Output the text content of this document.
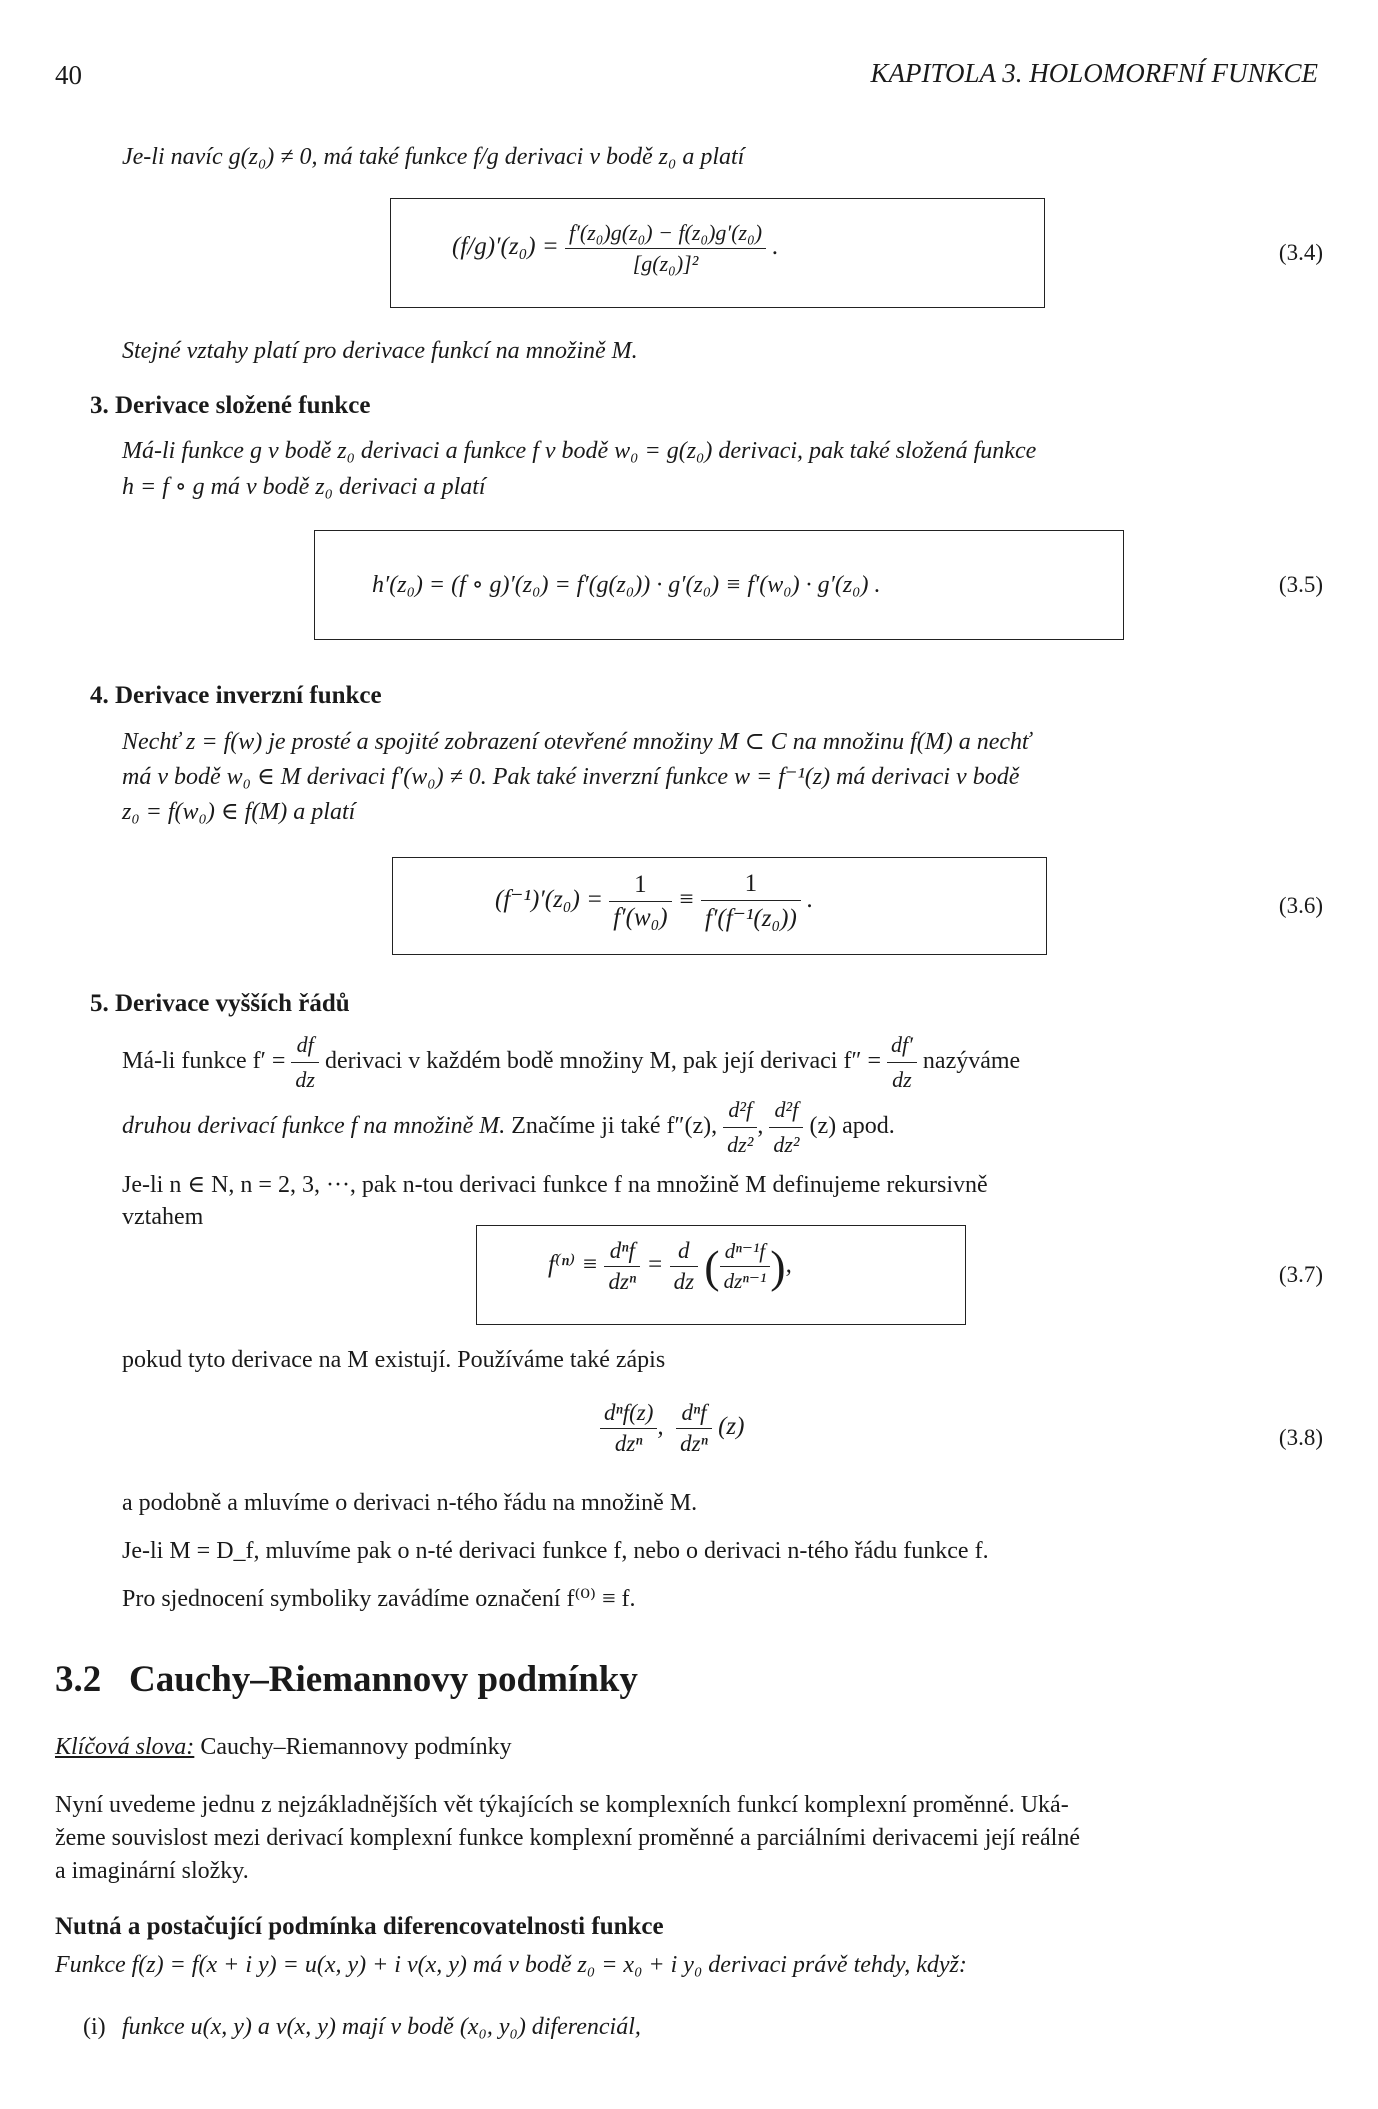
40	KAPITOLA 3. HOLOMORFNÍ FUNKCE
Je-li navíc g(z₀) ≠ 0, má také funkce f/g derivaci v bodě z₀ a platí
$(f/g)'(z_0) = \frac{\text{f′(z₀)g(z₀) − f(z₀)g′(z₀)}}{\text{[g(z₀)]²}}$ .	(3.4)
Stejné vztahy platí pro derivace funkcí na množině M.
3. Derivace složené funkce
Má-li funkce g v bodě z₀ derivaci a funkce f v bodě w₀ = g(z₀) derivaci, pak také složená funkce
h = f ∘ g má v bodě z₀ derivaci a platí
h′(z₀) = (f ∘ g)′(z₀) = f′(g(z₀)) · g′(z₀) ≡ f′(w₀) · g′(z₀) .	(3.5)
4. Derivace inverzní funkce
Nechť z = f(w) je prosté a spojité zobrazení otevřené množiny M ⊂ C na množinu f(M) a nechť
má v bodě w₀ ∈ M derivaci f′(w₀) ≠ 0. Pak také inverzní funkce w = f⁻¹(z) má derivaci v bodě
z₀ = f(w₀) ∈ f(M) a platí
$(f^{-1})'(z_0) = \frac{1}{\text{f′(w₀)}} \equiv \frac{1}{\text{f′(f⁻¹(z₀))}}$ .	(3.6)
5. Derivace vyšších řádů
Má-li funkce $f' = \frac{df}{dz}$ derivaci v každém bodě množiny M, pak její derivaci $f'' = \frac{df'}{dz}$ nazýváme
druhou derivací funkce f na množině M. Značíme ji také f″(z), $\frac{\text{d²f}}{\text{dz²}}$ , $\frac{\text{d²f}}{\text{dz²}} (z)$ apod.
Je-li n ∈ N, n = 2, 3, ···, pak n-tou derivaci funkce f na množině M definujeme rekursivně
vztahem
$f^{(n)} \equiv \frac{\text{dⁿf}}{\text{dzⁿ}} = \frac{d}{dz}$ ( $\frac{\text{dⁿ⁻¹f}}{\text{dzⁿ⁻¹}}$ ),	(3.7)
pokud tyto derivace na M existují. Používáme také zápis
$\frac{\text{dⁿf(z)}}{\text{dzⁿ}}$ , $\frac{\text{dⁿf}}{\text{dzⁿ}} (z)$	(3.8)
a podobně a mluvíme o derivaci n-tého řádu na množině M.
Je-li M = D_f, mluvíme pak o n-té derivaci funkce f, nebo o derivaci n-tého řádu funkce f.
Pro sjednocení symboliky zavádíme označení f⁽⁰⁾ ≡ f.
3.2 Cauchy–Riemannovy podmínky
Klíčová slova: Cauchy–Riemannovy podmínky
Nyní uvedeme jednu z nejzákladnějších vět týkajících se komplexních funkcí komplexní proměnné. Uká-
žeme souvislost mezi derivací komplexní funkce komplexní proměnné a parciálními derivacemi její reálné
a imaginární složky.
Nutná a postačující podmínka diferencovatelnosti funkce
Funkce f(z) = f(x + i y) = u(x, y) + i v(x, y) má v bodě z₀ = x₀ + i y₀ derivaci právě tehdy, když:
(i) funkce u(x, y) a v(x, y) mají v bodě (x₀, y₀) diferenciál,
